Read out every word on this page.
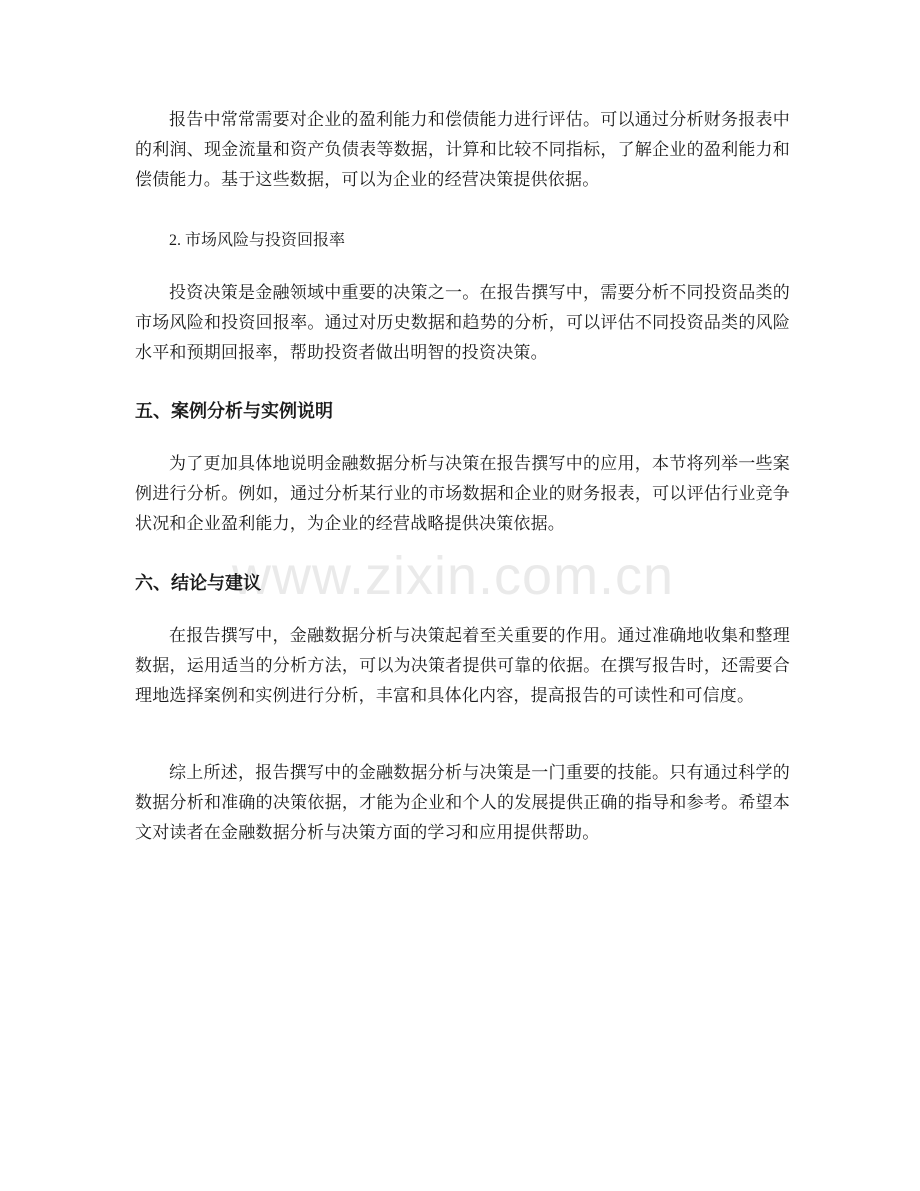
报告中常常需要对企业的盈利能力和偿债能力进行评估。可以通过分析财务报表中的利润、现金流量和资产负债表等数据，计算和比较不同指标，了解企业的盈利能力和偿债能力。基于这些数据，可以为企业的经营决策提供依据。

2. 市场风险与投资回报率

投资决策是金融领域中重要的决策之一。在报告撰写中，需要分析不同投资品类的市场风险和投资回报率。通过对历史数据和趋势的分析，可以评估不同投资品类的风险水平和预期回报率，帮助投资者做出明智的投资决策。

五、案例分析与实例说明

为了更加具体地说明金融数据分析与决策在报告撰写中的应用，本节将列举一些案例进行分析。例如，通过分析某行业的市场数据和企业的财务报表，可以评估行业竞争状况和企业盈利能力，为企业的经营战略提供决策依据。

www.zixin.com.cn

六、结论与建议

在报告撰写中，金融数据分析与决策起着至关重要的作用。通过准确地收集和整理数据，运用适当的分析方法，可以为决策者提供可靠的依据。在撰写报告时，还需要合理地选择案例和实例进行分析，丰富和具体化内容，提高报告的可读性和可信度。

综上所述，报告撰写中的金融数据分析与决策是一门重要的技能。只有通过科学的数据分析和准确的决策依据，才能为企业和个人的发展提供正确的指导和参考。希望本文对读者在金融数据分析与决策方面的学习和应用提供帮助。
